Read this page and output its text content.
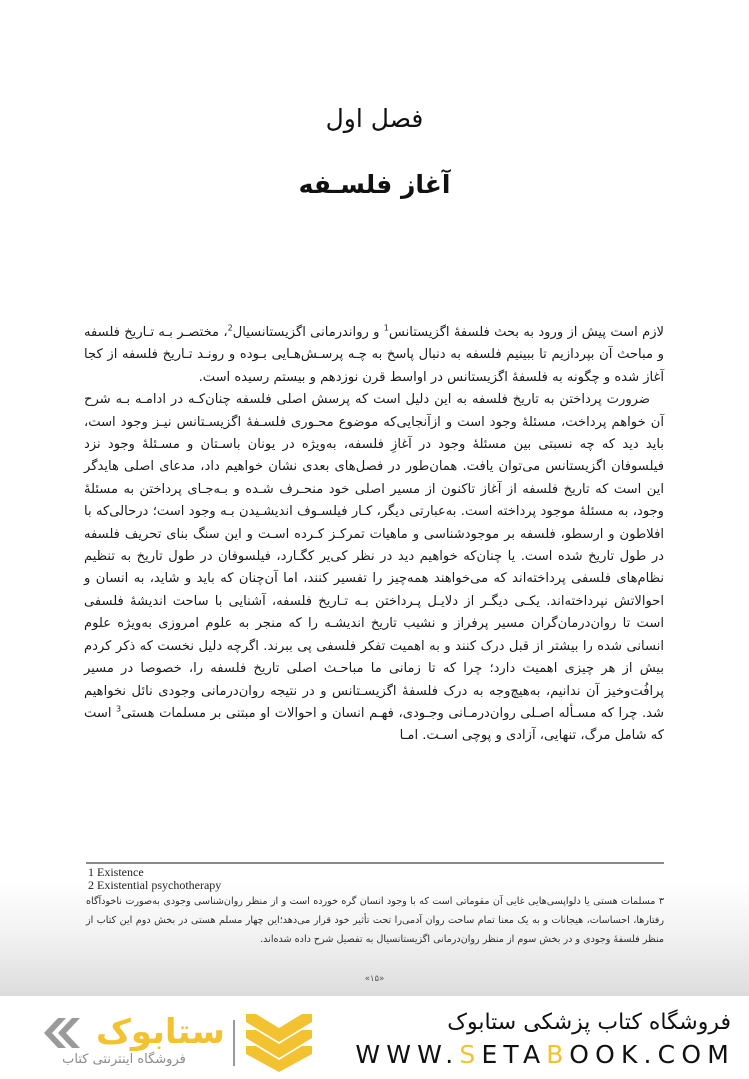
فصل اول
آغاز فلسـفه

لازم است پیش از ورود به بحث فلسفهٔ اگزیستانس$^1$ و رواندرمانی اگزیستانسیال$^2$، مختصـر بـه تـاریخ فلسفه و مباحث آن بپردازیم تا ببینیم فلسفه به دنبال پاسخ به چـه پرسـش‌هـایی بـوده و رونـد تـاریخ فلسفه از کجا آغاز شده و چگونه به فلسفهٔ اگزیستانس در اواسط قرن نوزدهم و بیستم رسیده است.

ضرورت پرداختن به تاریخ فلسفه به این دلیل است که پرسش اصلی فلسفه چنان‌کـه در ادامـه بـه شرح آن خواهم پرداخت، مسئلهٔ وجود است و ازآنجایی‌که موضوع محـوری فلسـفهٔ اگزیسـتانس نیـز وجود است، باید دید که چه نسبتی بین مسئلهٔ وجود در آغازِ فلسفه، به‌ویژه در یونان باسـتان و مسـئلهٔ وجود نزد فیلسوفان اگزیستانس می‌توان یافت. همان‌طور در فصل‌های بعدی نشان خواهیم داد، مدعای اصلی هایدگر این است که تاریخ فلسفه از آغاز تاکنون از مسیر اصلی خود منحـرف شـده و بـه‌جـای پرداختن به مسئلهٔ وجود، به مسئلهٔ موجود پرداخته است. به‌عبارتی دیگر، کـار فیلسـوف اندیشـیدن بـه وجود است؛ درحالی‌که با افلاطون و ارسطو، فلسفه بر موجودشناسی و ماهیات تمرکـز کـرده اسـت و این سنگ بنای تحریف فلسفه در طول تاریخ شده است. یا چنان‌که خواهیم دید در نظر کی‌یر کگـارد، فیلسوفان در طول تاریخ به تنظیم نظام‌های فلسفی پرداخته‌اند که می‌خواهند همه‌چیز را تفسیر کنند، اما آن‌چنان که باید و شاید، به انسان و احوالاتش نپرداخته‌اند. یکـی دیگـر از دلایـل پـرداختن بـه تـاریخ فلسفه، آشنایی با ساحت اندیشهٔ فلسفی است تا روان‌درمان‌گران مسیر پرفراز و نشیب تاریخ اندیشـه را که منجر به علوم امروزی به‌ویژه علوم انسانی شده را بیشتر از قبل درک کنند و به اهمیت تفکر فلسفی پی ببرند. اگرچه دلیل نخست که ذکر کردم بیش از هر چیزی اهمیت دارد؛ چرا که تا زمانی ما مباحـث اصلی تاریخ فلسفه را، خصوصا در مسیر پرافُت‌وخیز آن ندانیم، به‌هیچ‌وجه به درک فلسفهٔ اگزیسـتانس و در نتیجه روان‌درمانی وجودی نائل نخواهیم شد. چرا که مسـأله اصـلی روان‌درمـانی وجـودی، فهـم انسان و احوالات او مبتنی بر مسلمات هستی$^3$ است که شامل مرگ، تنهایی، آزادی و پوچی اسـت. امـا

1 Existence
2 Existential psychotherapy
۳ مسلمات هستی یا دلواپسی‌هایی غایی آن مقوماتی است که با وجود انسان گره خورده است و از منظر روان‌شناسی وجودی به‌صورت ناخودآگاه رفتارها، احساسات، هیجانات و به یک معنا تمام ساحت روان آدمی‌را تحت تأثیر خود قرار می‌دهد؛این چهار مسلم هستی در بخش دوم این کتاب از منظر فلسفهٔ وجودی و در بخش سوم از منظر روان‌درمانی اگزیستانسیال به تفصیل شرح داده شده‌اند.
«۱۵»
ستابوک
فروشگاه اینترنتی کتاب
فروشگاه کتاب پزشکی ستابوک
WWW.SETABOOK.COM
